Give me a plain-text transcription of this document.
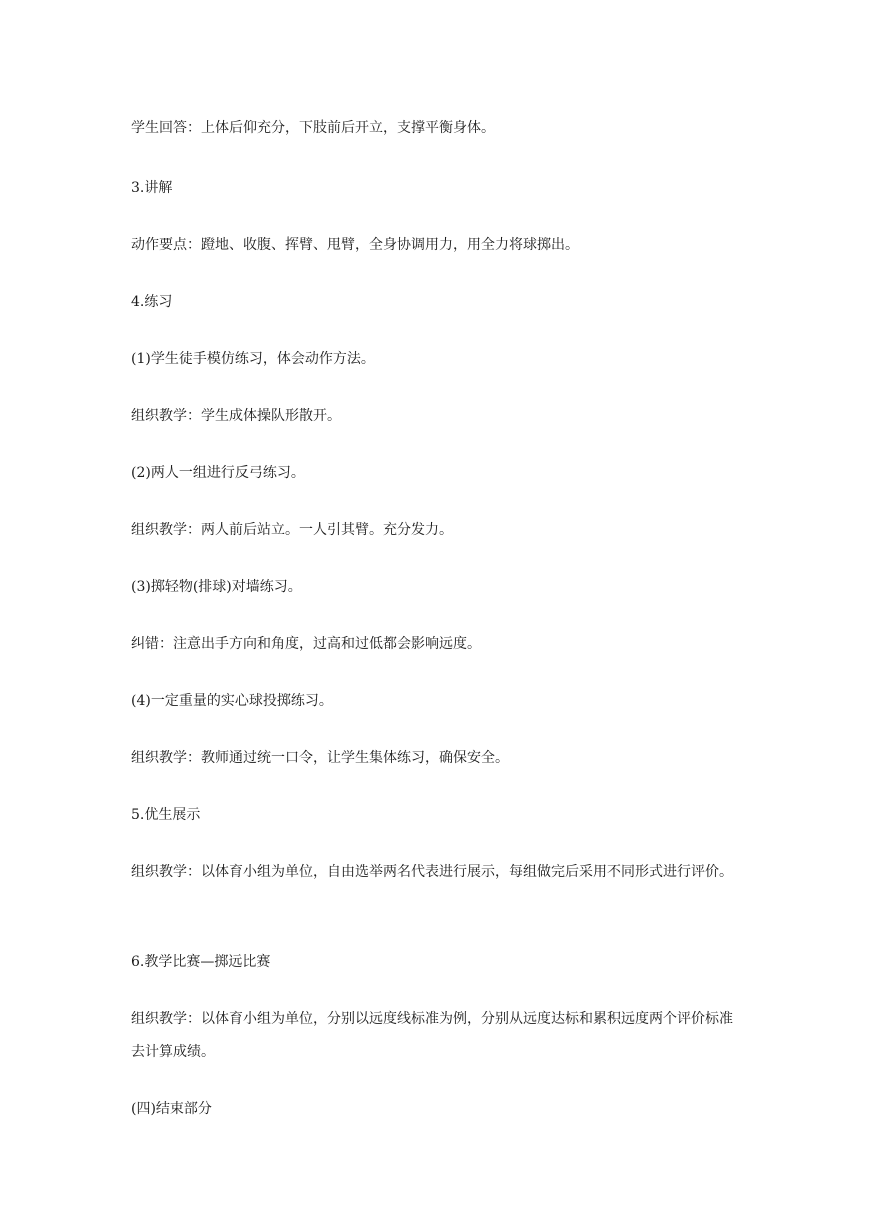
学生回答：上体后仰充分，下肢前后开立，支撑平衡身体。

3.讲解

动作要点：蹬地、收腹、挥臂、甩臂，全身协调用力，用全力将球掷出。

4.练习

(1)学生徒手模仿练习，体会动作方法。

组织教学：学生成体操队形散开。

(2)两人一组进行反弓练习。

组织教学：两人前后站立。一人引其臂。充分发力。

(3)掷轻物(排球)对墙练习。

纠错：注意出手方向和角度，过高和过低都会影响远度。

(4)一定重量的实心球投掷练习。

组织教学：教师通过统一口令，让学生集体练习，确保安全。

5.优生展示

组织教学：以体育小组为单位，自由选举两名代表进行展示，每组做完后采用不同形式进行评价。

6.教学比赛—掷远比赛

组织教学：以体育小组为单位，分别以远度线标准为例，分别从远度达标和累积远度两个评价标准去计算成绩。

(四)结束部分
